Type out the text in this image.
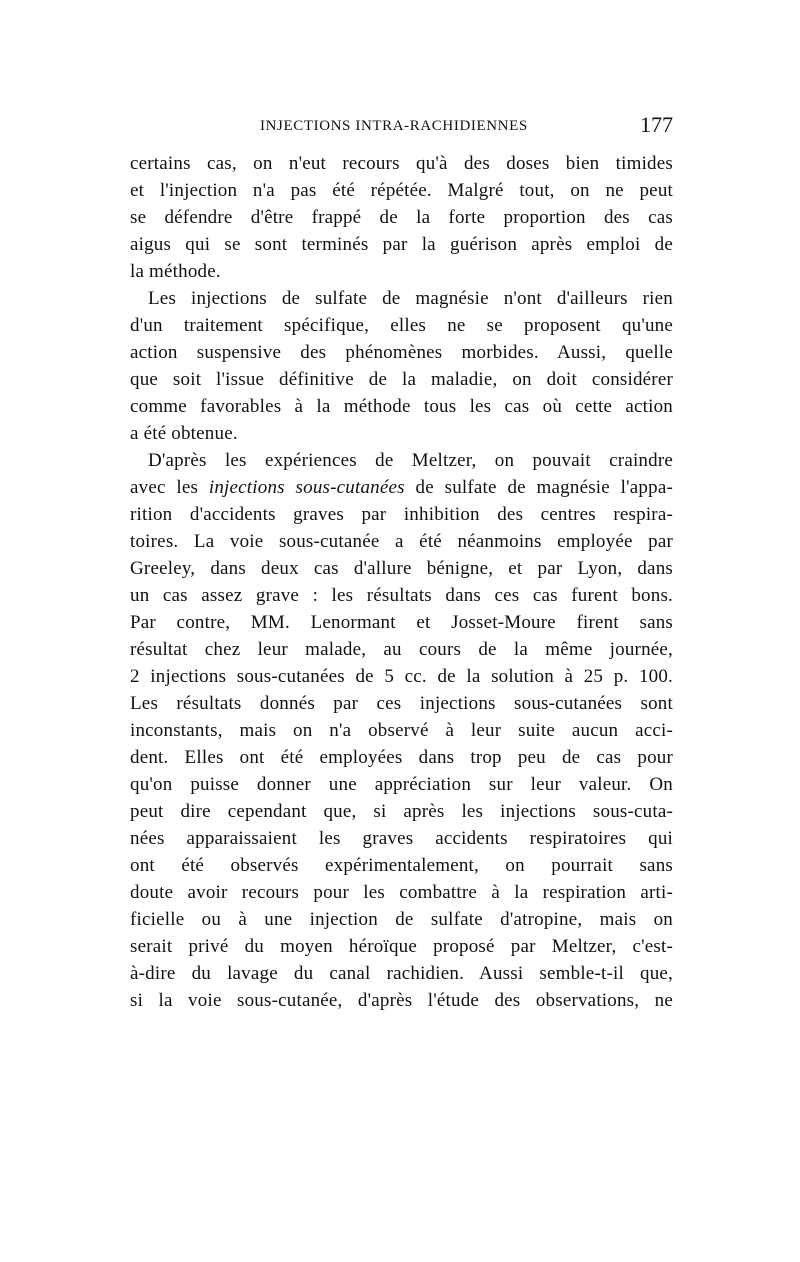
INJECTIONS INTRA-RACHIDIENNES	177
certains cas, on n'eut recours qu'à des doses bien timides
et l'injection n'a pas été répétée. Malgré tout, on ne peut
se défendre d'être frappé de la forte proportion des cas
aigus qui se sont terminés par la guérison après emploi de
la méthode.
Les injections de sulfate de magnésie n'ont d'ailleurs rien
d'un traitement spécifique, elles ne se proposent qu'une
action suspensive des phénomènes morbides. Aussi, quelle
que soit l'issue définitive de la maladie, on doit considérer
comme favorables à la méthode tous les cas où cette action
a été obtenue.
D'après les expériences de Meltzer, on pouvait craindre
avec les injections sous-cutanées de sulfate de magnésie l'appa-
rition d'accidents graves par inhibition des centres respira-
toires. La voie sous-cutanée a été néanmoins employée par
Greeley, dans deux cas d'allure bénigne, et par Lyon, dans
un cas assez grave : les résultats dans ces cas furent bons.
Par contre, MM. Lenormant et Josset-Moure firent sans
résultat chez leur malade, au cours de la même journée,
2 injections sous-cutanées de 5 cc. de la solution à 25 p. 100.
Les résultats donnés par ces injections sous-cutanées sont
inconstants, mais on n'a observé à leur suite aucun acci-
dent. Elles ont été employées dans trop peu de cas pour
qu'on puisse donner une appréciation sur leur valeur. On
peut dire cependant que, si après les injections sous-cuta-
nées apparaissaient les graves accidents respiratoires qui
ont été observés expérimentalement, on pourrait sans
doute avoir recours pour les combattre à la respiration arti-
ficielle ou à une injection de sulfate d'atropine, mais on
serait privé du moyen héroïque proposé par Meltzer, c'est-
à-dire du lavage du canal rachidien. Aussi semble-t-il que,
si la voie sous-cutanée, d'après l'étude des observations, ne
